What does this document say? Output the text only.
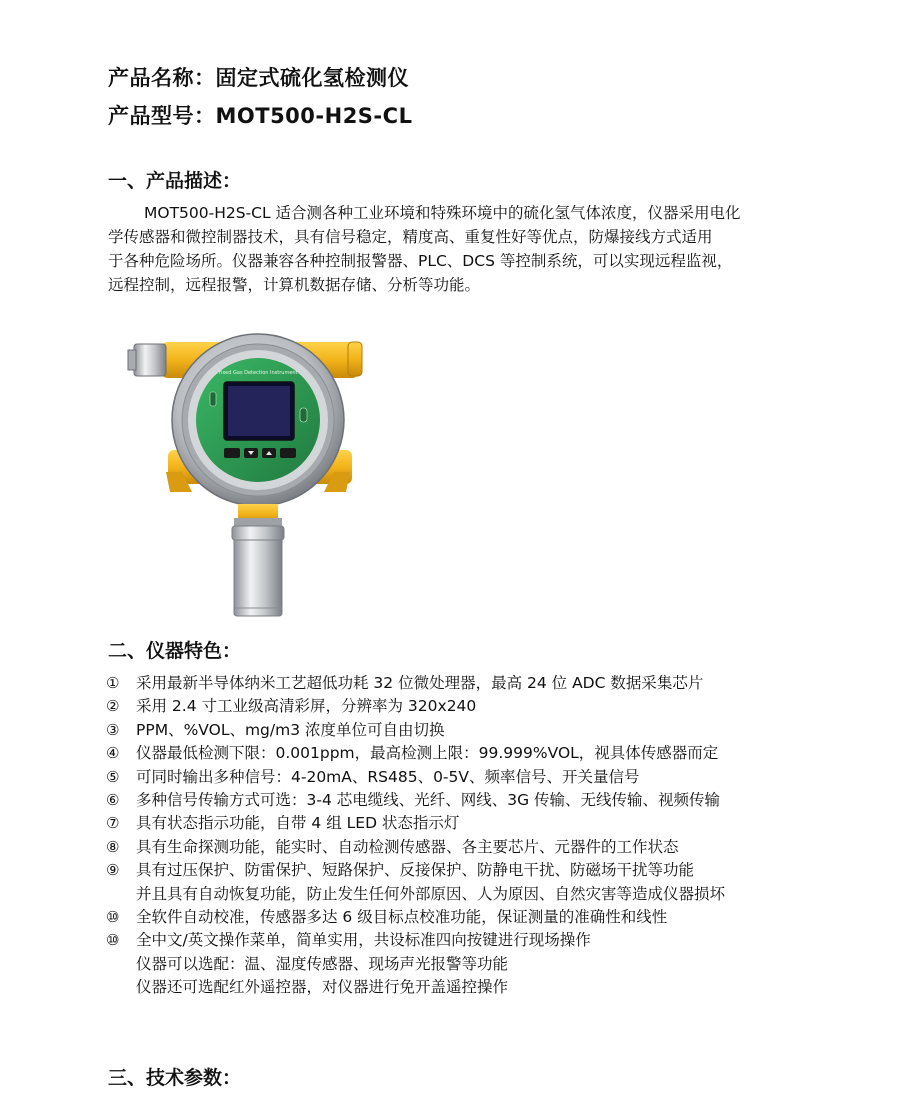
产品名称：固定式硫化氢检测仪
产品型号：MOT500-H2S-CL
一、产品描述：
MOT500-H2S-CL 适合测各种工业环境和特殊环境中的硫化氢气体浓度，仪器采用电化
学传感器和微控制器技术，具有信号稳定，精度高、重复性好等优点，防爆接线方式适用
于各种危险场所。仪器兼容各种控制报警器、PLC、DCS 等控制系统，可以实现远程监视，
远程控制，远程报警，计算机数据存储、分析等功能。
Fixed Gas Detection Instrument
二、仪器特色：
① 采用最新半导体纳米工艺超低功耗 32 位微处理器，最高 24 位 ADC 数据采集芯片
② 采用 2.4 寸工业级高清彩屏，分辨率为 320x240
③ PPM、%VOL、mg/m3 浓度单位可自由切换
④ 仪器最低检测下限：0.001ppm，最高检测上限：99.999%VOL，视具体传感器而定
⑤ 可同时输出多种信号：4-20mA、RS485、0-5V、频率信号、开关量信号
⑥ 多种信号传输方式可选：3-4 芯电缆线、光纤、网线、3G 传输、无线传输、视频传输
⑦ 具有状态指示功能，自带 4 组 LED 状态指示灯
⑧ 具有生命探测功能，能实时、自动检测传感器、各主要芯片、元器件的工作状态
⑨ 具有过压保护、防雷保护、短路保护、反接保护、防静电干扰、防磁场干扰等功能
并且具有自动恢复功能，防止发生任何外部原因、人为原因、自然灾害等造成仪器损坏
⑩ 全软件自动校准，传感器多达 6 级目标点校准功能，保证测量的准确性和线性
⑩ 全中文/英文操作菜单，简单实用，共设标准四向按键进行现场操作
仪器可以选配：温、湿度传感器、现场声光报警等功能
仪器还可选配红外遥控器，对仪器进行免开盖遥控操作
三、技术参数：
